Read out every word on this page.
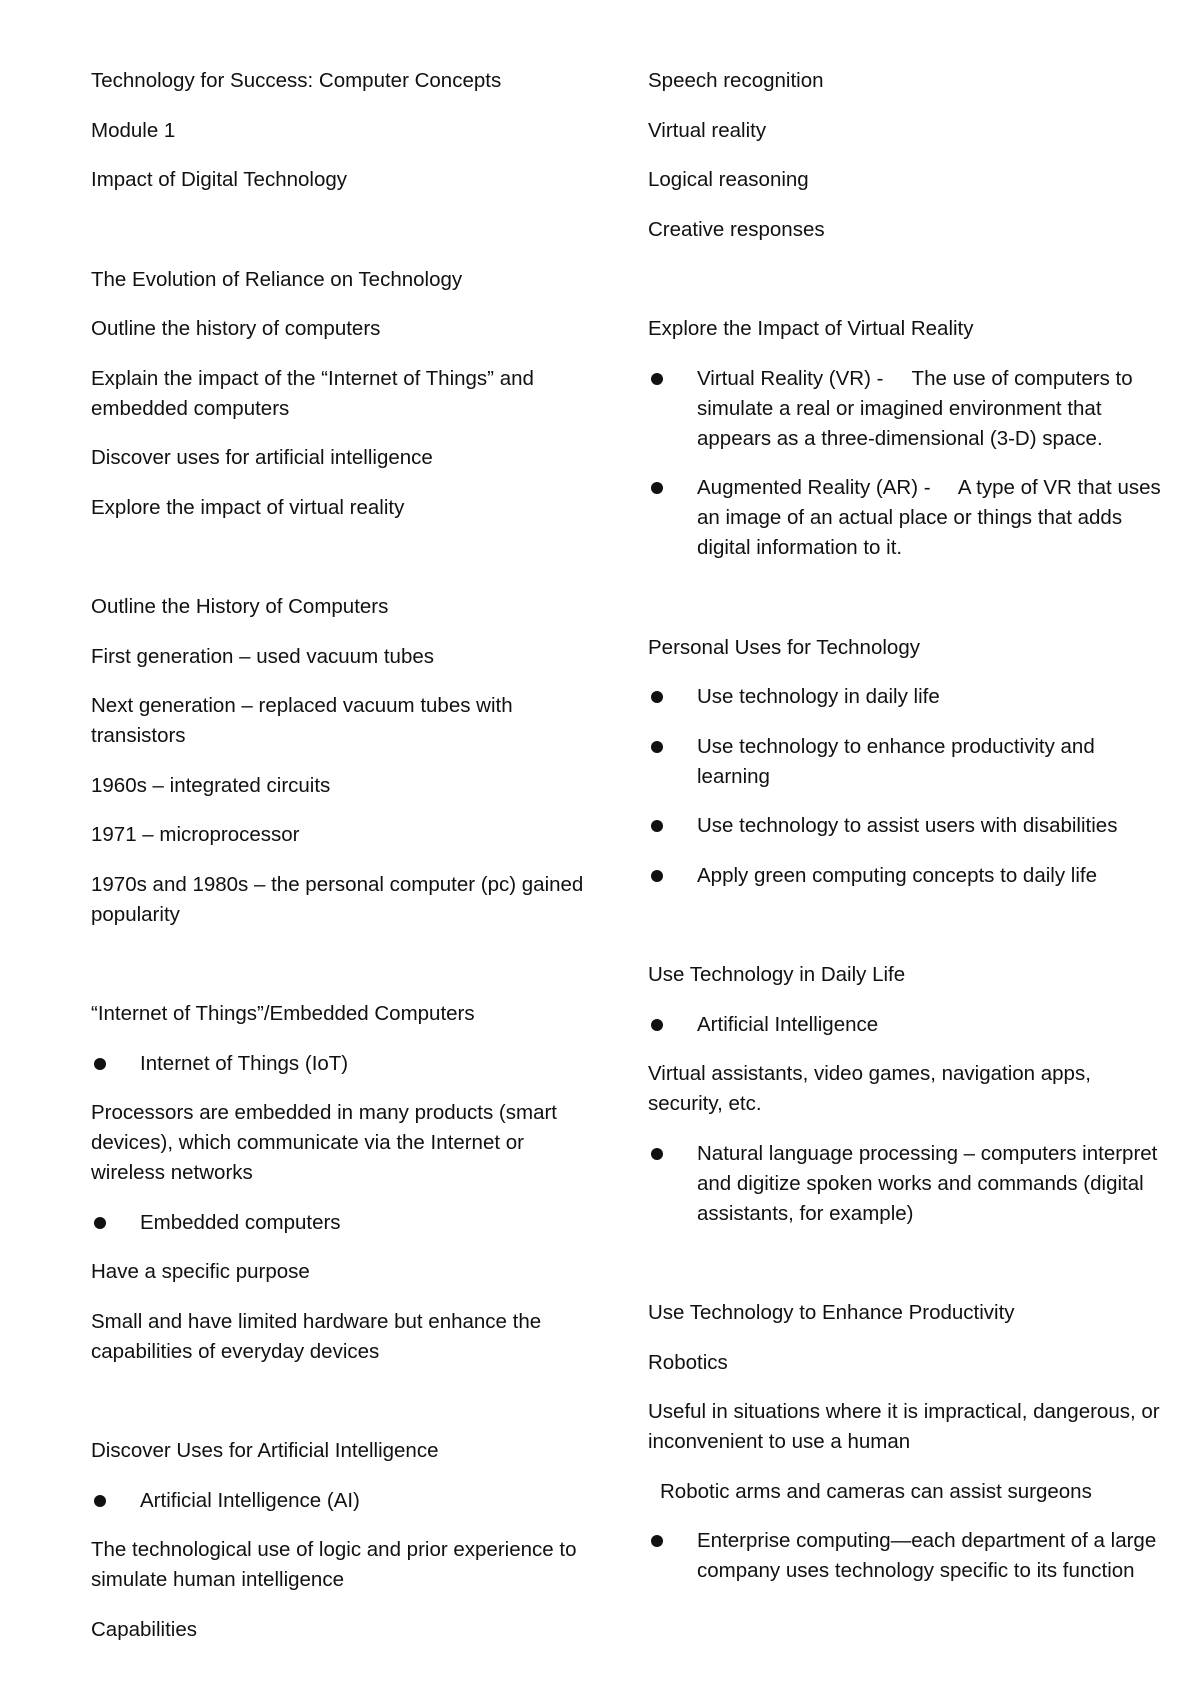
Technology for Success: Computer Concepts

Module 1

Impact of Digital Technology

The Evolution of Reliance on Technology

Outline the history of computers

Explain the impact of the “Internet of Things” and embedded computers

Discover uses for artificial intelligence

Explore the impact of virtual reality

Outline the History of Computers

First generation – used vacuum tubes

Next generation – replaced vacuum tubes with transistors

1960s – integrated circuits

1971 – microprocessor

1970s and 1980s – the personal computer (pc) gained popularity

“Internet of Things”/Embedded Computers

Internet of Things (IoT)

Processors are embedded in many products (smart devices), which communicate via the Internet or wireless networks

Embedded computers

Have a specific purpose

Small and have limited hardware but enhance the capabilities of everyday devices

Discover Uses for Artificial Intelligence

Artificial Intelligence (AI)

The technological use of logic and prior experience to simulate human intelligence

Capabilities

Speech recognition

Virtual reality

Logical reasoning

Creative responses

Explore the Impact of Virtual Reality

Virtual Reality (VR) -     The use of computers to simulate a real or imagined environment that appears as a three-dimensional (3-D) space.
Augmented Reality (AR) -     A type of VR that uses an image of an actual place or things that adds digital information to it.

Personal Uses for Technology

Use technology in daily life
Use technology to enhance productivity and learning
Use technology to assist users with disabilities
Apply green computing concepts to daily life

Use Technology in Daily Life

Artificial Intelligence

Virtual assistants, video games, navigation apps, security, etc.

Natural language processing – computers interpret and digitize spoken works and commands (digital assistants, for example)

Use Technology to Enhance Productivity

Robotics

Useful in situations where it is impractical, dangerous, or inconvenient to use a human

Robotic arms and cameras can assist surgeons

Enterprise computing—each department of a large company uses technology specific to its function
